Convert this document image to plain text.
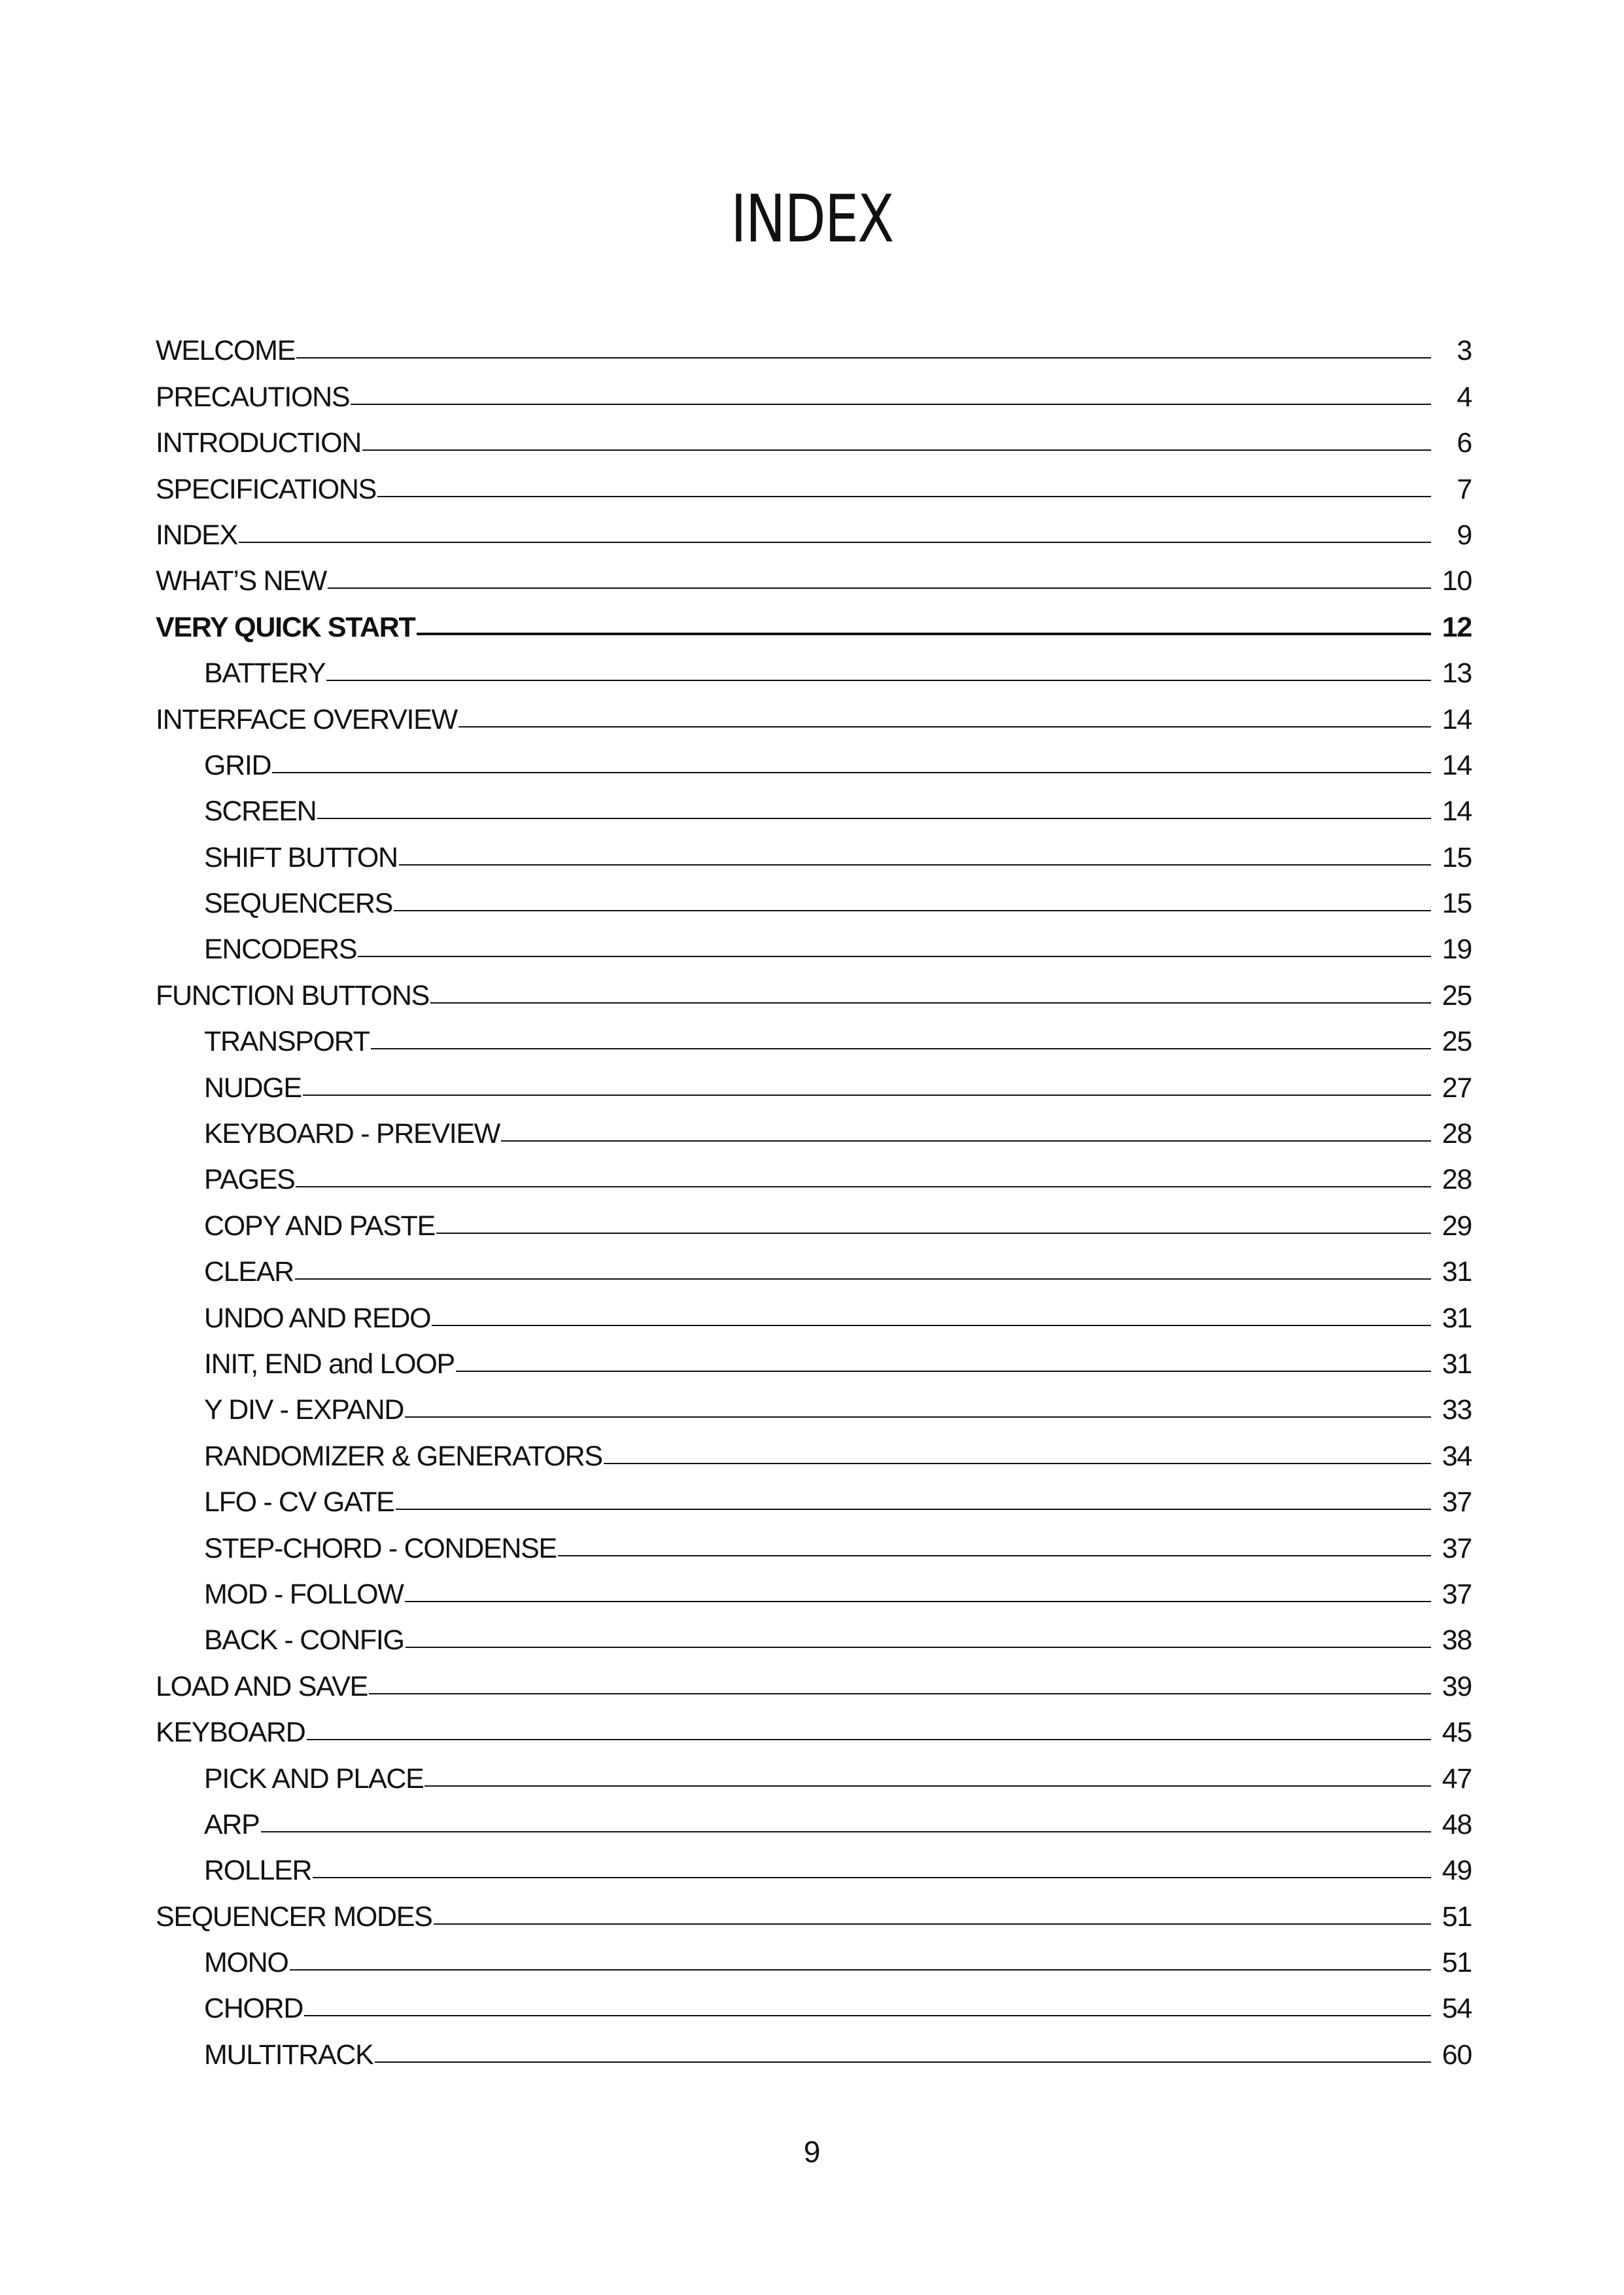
INDEX
WELCOME	3
PRECAUTIONS	4
INTRODUCTION	6
SPECIFICATIONS	7
INDEX	9
WHAT’S NEW	10
VERY QUICK START	12
BATTERY	13
INTERFACE OVERVIEW	14
GRID	14
SCREEN	14
SHIFT BUTTON	15
SEQUENCERS	15
ENCODERS	19
FUNCTION BUTTONS	25
TRANSPORT	25
NUDGE	27
KEYBOARD - PREVIEW	28
PAGES	28
COPY AND PASTE	29
CLEAR	31
UNDO AND REDO	31
INIT, END and LOOP	31
Y DIV - EXPAND	33
RANDOMIZER & GENERATORS	34
LFO - CV GATE	37
STEP-CHORD - CONDENSE	37
MOD - FOLLOW	37
BACK - CONFIG	38
LOAD AND SAVE	39
KEYBOARD	45
PICK AND PLACE	47
ARP	48
ROLLER	49
SEQUENCER MODES	51
MONO	51
CHORD	54
MULTITRACK	60
9
